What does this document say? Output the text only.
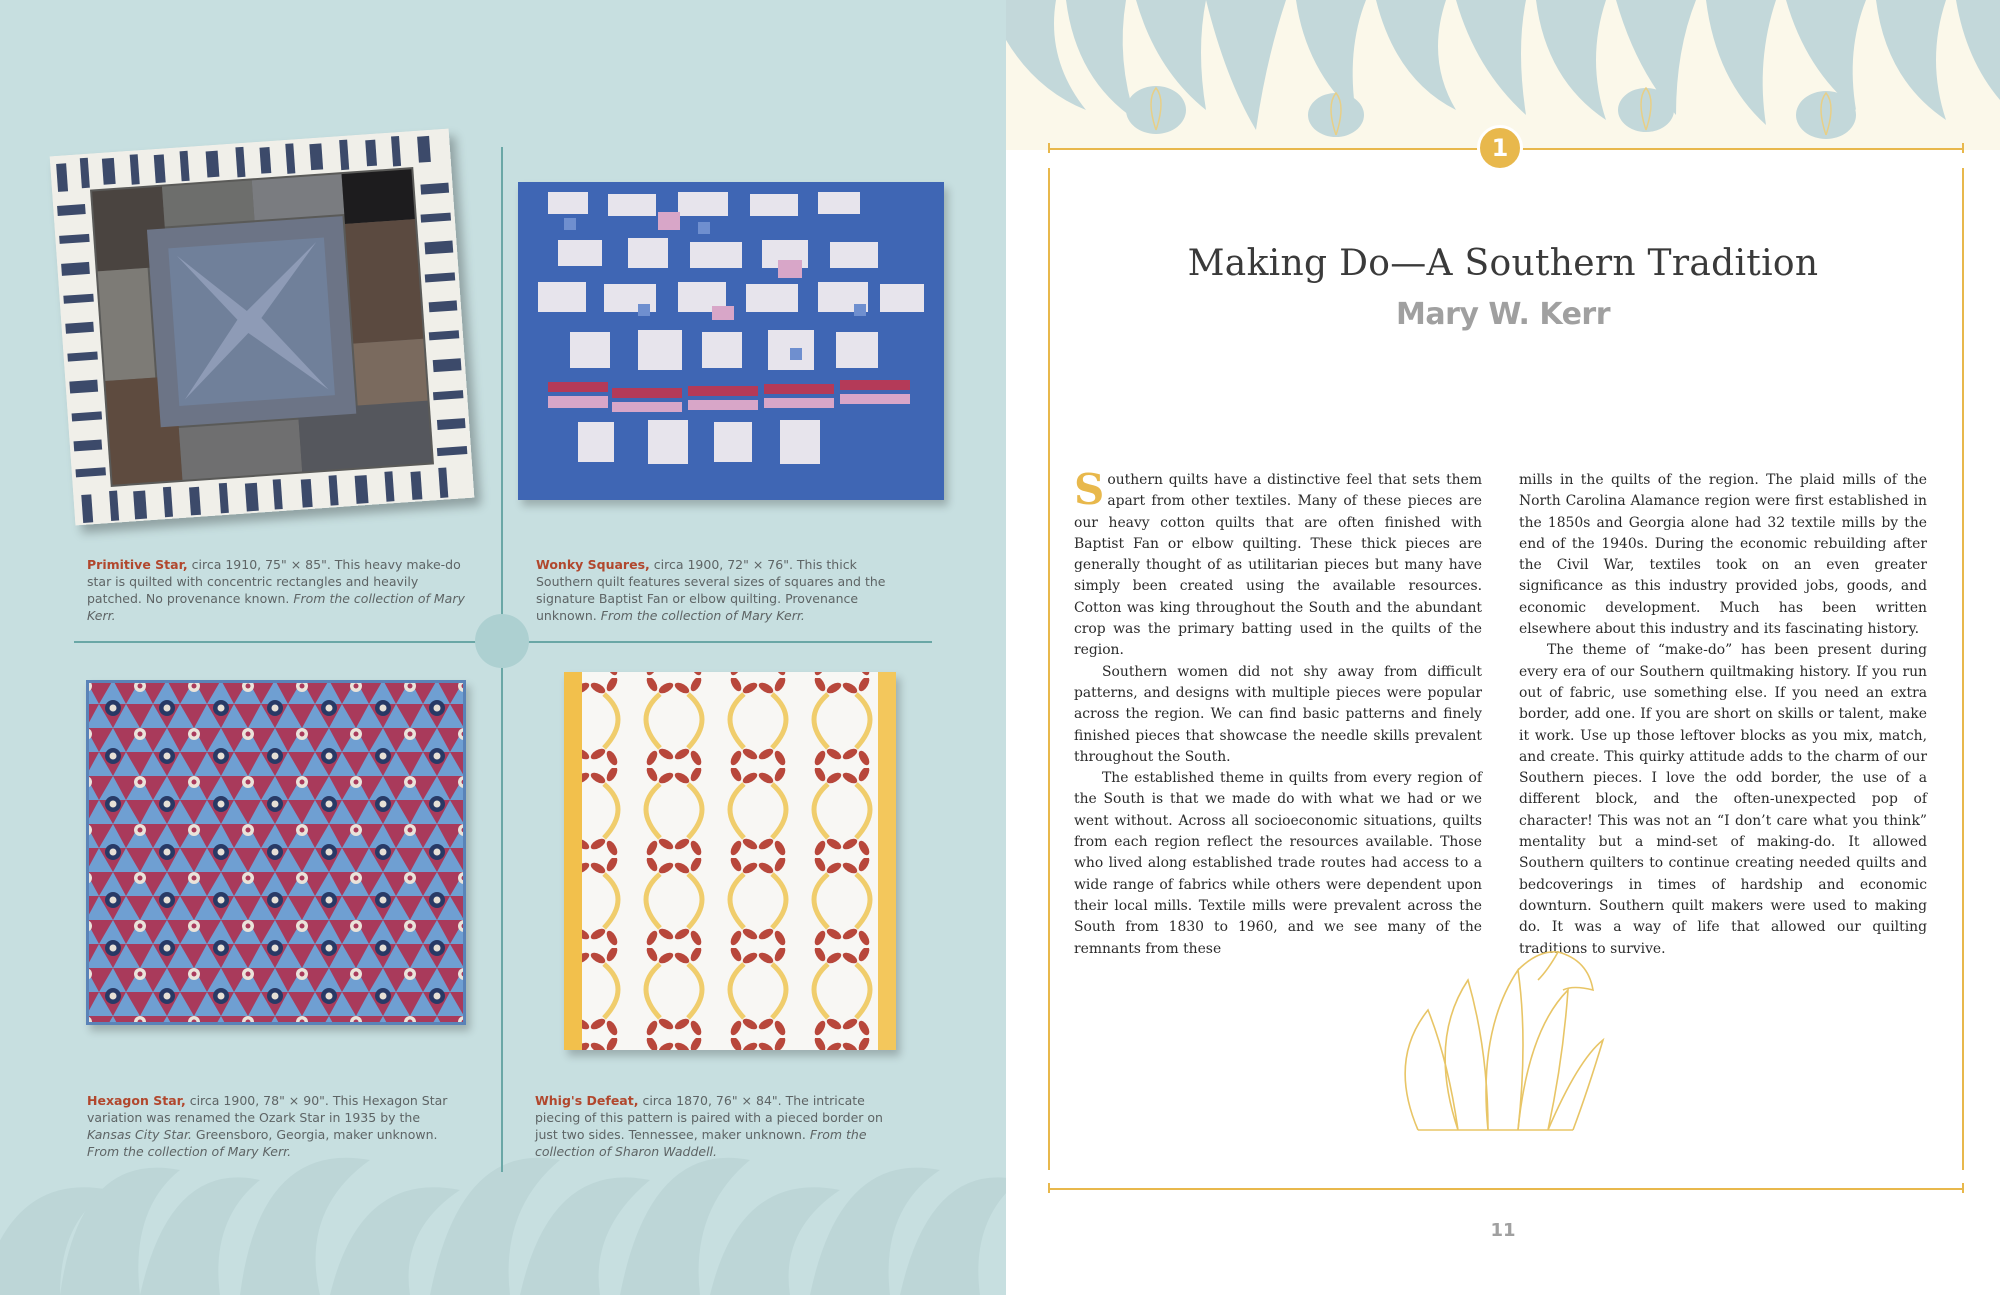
Primitive Star, circa 1910, 75" × 85". This heavy make-do star is quilted with concentric rectangles and heavily patched. No provenance known. From the collection of Mary Kerr.
Wonky Squares, circa 1900, 72" × 76". This thick Southern quilt features several sizes of squares and the signature Baptist Fan or elbow quilting. Provenance unknown. From the collection of Mary Kerr.
Hexagon Star, circa 1900, 78" × 90". This Hexagon Star variation was renamed the Ozark Star in 1935 by the Kansas City Star. Greensboro, Georgia, maker unknown. From the collection of Mary Kerr.
Whig's Defeat, circa 1870, 76" × 84". The intricate piecing of this pattern is paired with a pieced border on just two sides. Tennessee, maker unknown. From the collection of Sharon Waddell.
1
Making Do—A Southern Tradition
Mary W. Kerr

Southern quilts have a distinctive feel that sets them apart from other textiles. Many of these pieces are our heavy cotton quilts that are often finished with Baptist Fan or elbow quilting. These thick pieces are generally thought of as utilitarian pieces but many have simply been created using the available resources. Cotton was king throughout the South and the abundant crop was the primary batting used in the quilts of the region.

Southern women did not shy away from difficult patterns, and designs with multiple pieces were popular across the region. We can find basic patterns and finely finished pieces that showcase the needle skills prevalent throughout the South.

The established theme in quilts from every region of the South is that we made do with what we had or we went without. Across all socioeconomic situations, quilts from each region reflect the resources available. Those who lived along established trade routes had access to a wide range of fabrics while others were dependent upon their local mills. Textile mills were prevalent across the South from 1830 to 1960, and we see many of the remnants from these

mills in the quilts of the region. The plaid mills of the North Carolina Alamance region were first established in the 1850s and Georgia alone had 32 textile mills by the end of the 1940s. During the economic rebuilding after the Civil War, textiles took on an even greater significance as this industry provided jobs, goods, and economic development. Much has been written elsewhere about this industry and its fascinating history.

The theme of “make-do” has been present during every era of our Southern quiltmaking history. If you run out of fabric, use something else. If you need an extra border, add one. If you are short on skills or talent, make it work. Use up those leftover blocks as you mix, match, and create. This quirky attitude adds to the charm of our Southern pieces. I love the odd border, the use of a different block, and the often-unexpected pop of character! This was not an “I don’t care what you think” mentality but a mind-set of making-do. It allowed Southern quilters to continue creating needed quilts and bedcoverings in times of hardship and economic downturn. Southern quilt makers were used to making do. It was a way of life that allowed our quilting traditions to survive.

11
